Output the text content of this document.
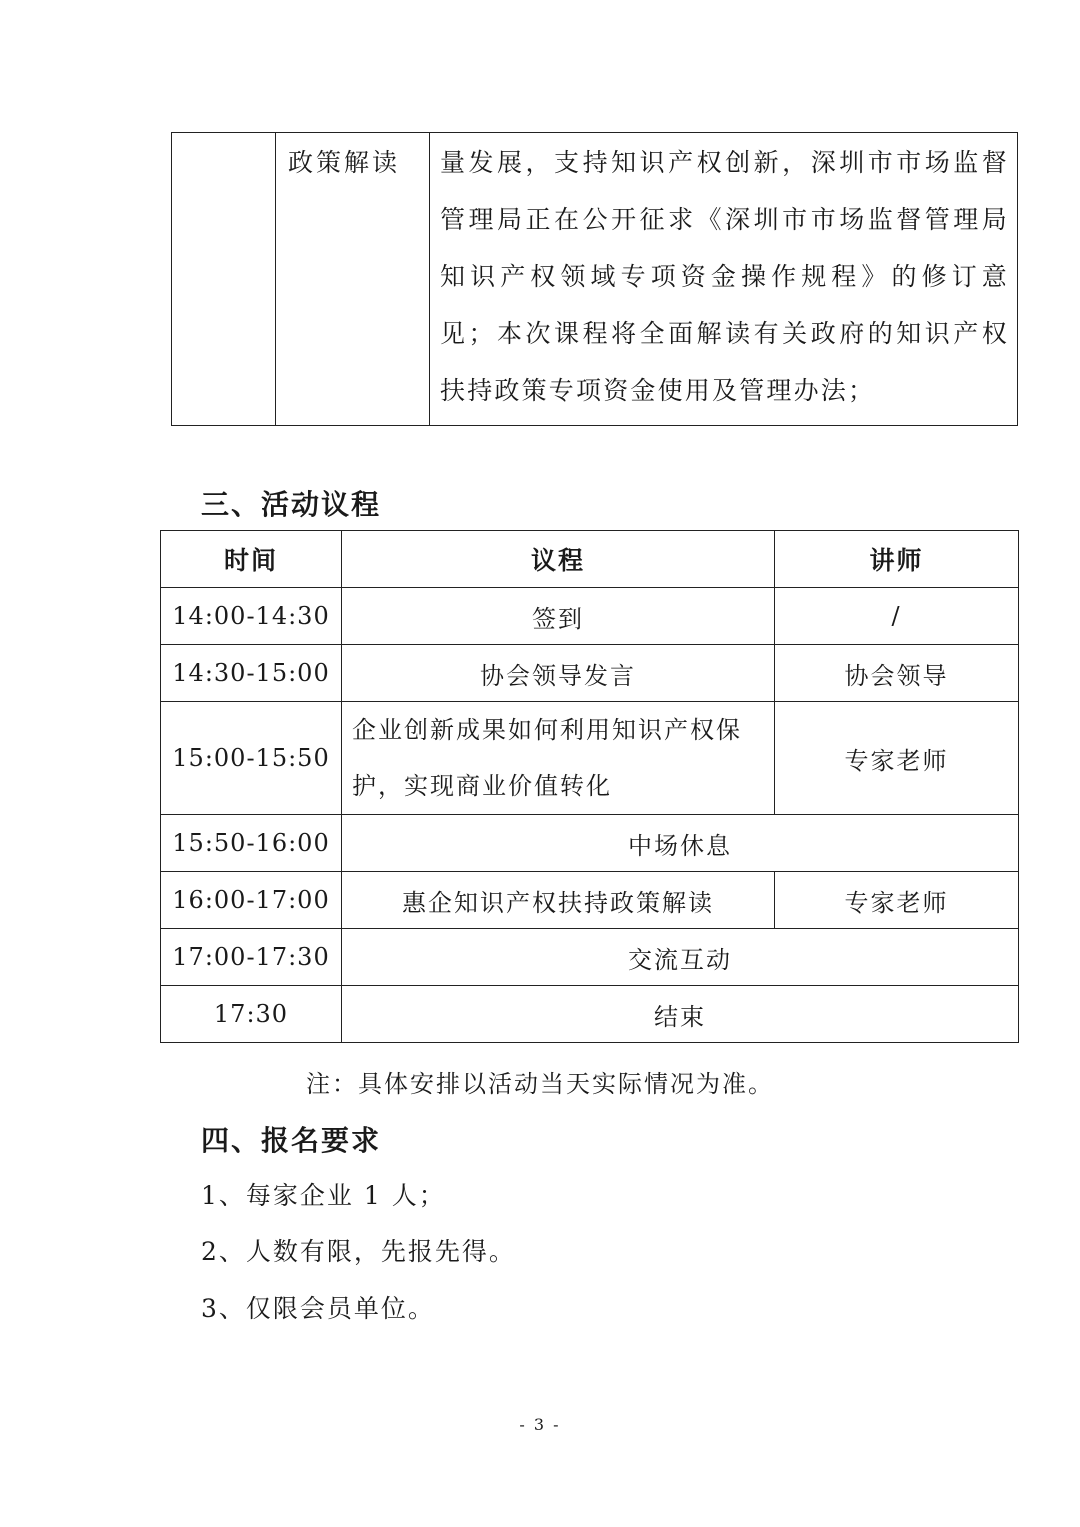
	政策解读	量发展，支持知识产权创新，深圳市市场监督管理局正在公开征求《深圳市市场监督管理局知识产权领域专项资金操作规程》的修订意见；本次课程将全面解读有关政府的知识产权扶持政策专项资金使用及管理办法；
三、活动议程
时间	议程	讲师
14:00-14:30	签到	/
14:30-15:00	协会领导发言	协会领导
15:00-15:50	企业创新成果如何利用知识产权保护，实现商业价值转化	专家老师
15:50-16:00	中场休息	
16:00-17:00	惠企知识产权扶持政策解读	专家老师
17:00-17:30	交流互动	
17:30	结束	

注：具体安排以活动当天实际情况为准。

四、报名要求

1、每家企业 1 人；

2、人数有限，先报先得。

3、仅限会员单位。

- 3 -
